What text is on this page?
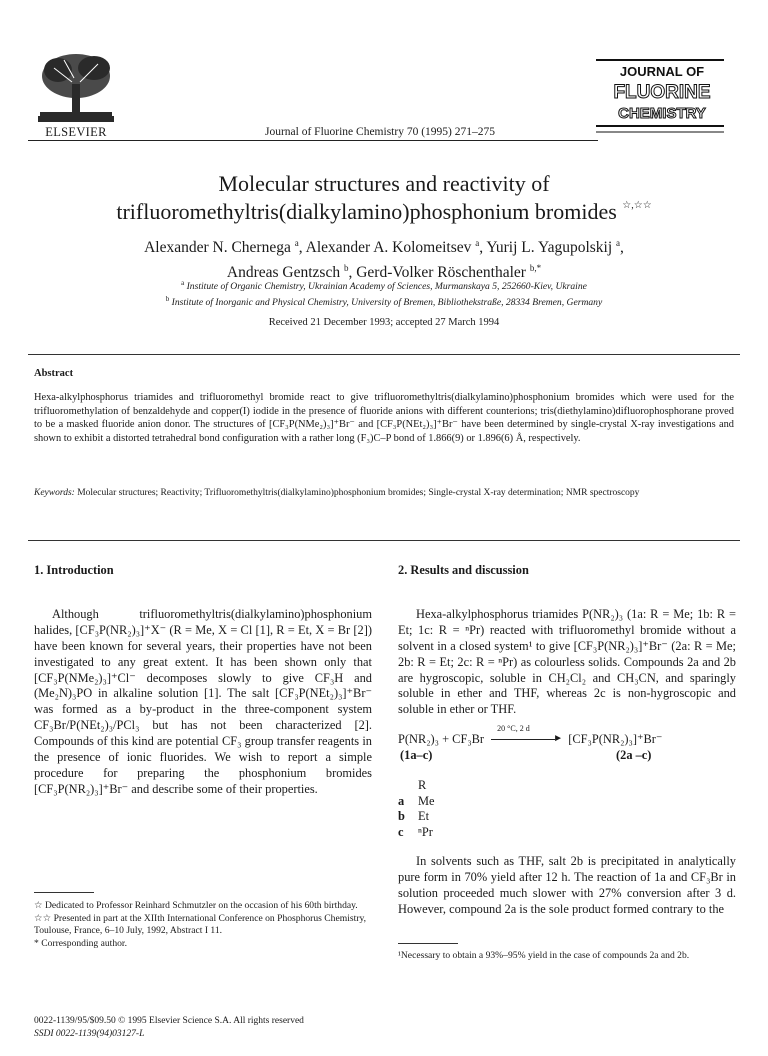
ELSEVIER	Journal of Fluorine Chemistry 70 (1995) 271–275
JOURNAL OF
FLUORINE
CHEMISTRY
Molecular structures and reactivity of
trifluoromethyltris(dialkylamino)phosphonium bromides ☆,☆☆
Alexander N. Chernega $^a$, Alexander A. Kolomeitsev $^a$, Yurij L. Yagupolskij $^a$,
Andreas Gentzsch $^b$, Gerd-Volker Röschenthaler $^{b,*}$
$^a$ Institute of Organic Chemistry, Ukrainian Academy of Sciences, Murmanskaya 5, 252660-Kiev, Ukraine
$^b$ Institute of Inorganic and Physical Chemistry, University of Bremen, Bibliothekstraße, 28334 Bremen, Germany
Received 21 December 1993; accepted 27 March 1994
Abstract
Hexa-alkylphosphorus triamides and trifluoromethyl bromide react to give trifluoromethyltris(dialkylamino)phosphonium bromides which were used for the trifluoromethylation of benzaldehyde and copper(I) iodide in the presence of fluoride anions with different counterions; tris(diethylamino)difluorophosphorane proved to be a masked fluoride anion donor. The structures of [CF₃P(NMe₂)₃]⁺Br⁻ and [CF₃P(NEt₂)₃]⁺Br⁻ have been determined by single-crystal X-ray investigations and shown to exhibit a distorted tetrahedral bond configuration with a rather long (F₃)C–P bond of 1.866(9) or 1.896(6) Å, respectively.
Keywords: Molecular structures; Reactivity; Trifluoromethyltris(dialkylamino)phosphonium bromides; Single-crystal X-ray determination; NMR spectroscopy
1. Introduction

Although trifluoromethyltris(dialkylamino)phosphonium halides, [CF₃P(NR₂)₃]⁺X⁻ (R = Me, X = Cl [1], R = Et, X = Br [2]) have been known for several years, their properties have not been investigated to any great extent. It has been shown only that [CF₃P(NMe₂)₃]⁺Cl⁻ decomposes slowly to give CF₃H and (Me₂N)₃PO in alkaline solution [1]. The salt [CF₃P(NEt₂)₃]⁺Br⁻ was formed as a by-product in the three-component system CF₃Br/P(NEt₂)₃/PCl₃ but has not been characterized [2]. Compounds of this kind are potential CF₃ group transfer reagents in the presence of ionic fluorides. We wish to report a simple procedure for preparing the phosphonium bromides [CF₃P(NR₂)₃]⁺Br⁻ and describe some of their properties.

☆ Dedicated to Professor Reinhard Schmutzler on the occasion of his 60th birthday.
☆☆ Presented in part at the XIIth International Conference on Phosphorus Chemistry, Toulouse, France, 6–10 July, 1992, Abstract I 11.
* Corresponding author.
2. Results and discussion

Hexa-alkylphosphorus triamides P(NR₂)₃ (1a: R = Me; 1b: R = Et; 1c: R = ⁿPr) reacted with trifluoromethyl bromide without a solvent in a closed system¹ to give [CF₃P(NR₂)₃]⁺Br⁻ (2a: R = Me; 2b: R = Et; 2c: R = ⁿPr) as colourless solids. Compounds 2a and 2b are hygroscopic, soluble in CH₂Cl₂ and CH₃CN, and sparingly soluble in ether and THF, whereas 2c is non-hygroscopic and soluble in ether or THF.

P(NR₂)₃ + CF₃Br
20 °C, 2 d
► [CF₃P(NR₂)₃]⁺Br⁻
(1a–c)	(2a –c)
R
a Me
b Et
c ⁿPr

In solvents such as THF, salt 2b is precipitated in analytically pure form in 70% yield after 12 h. The reaction of 1a and CF₃Br in solution proceeded much slower with 27% conversion after 3 d. However, compound 2a is the sole product formed contrary to the

¹Necessary to obtain a 93%–95% yield in the case of compounds 2a and 2b.
0022-1139/95/$09.50 © 1995 Elsevier Science S.A. All rights reserved
SSDI 0022-1139(94)03127-L
